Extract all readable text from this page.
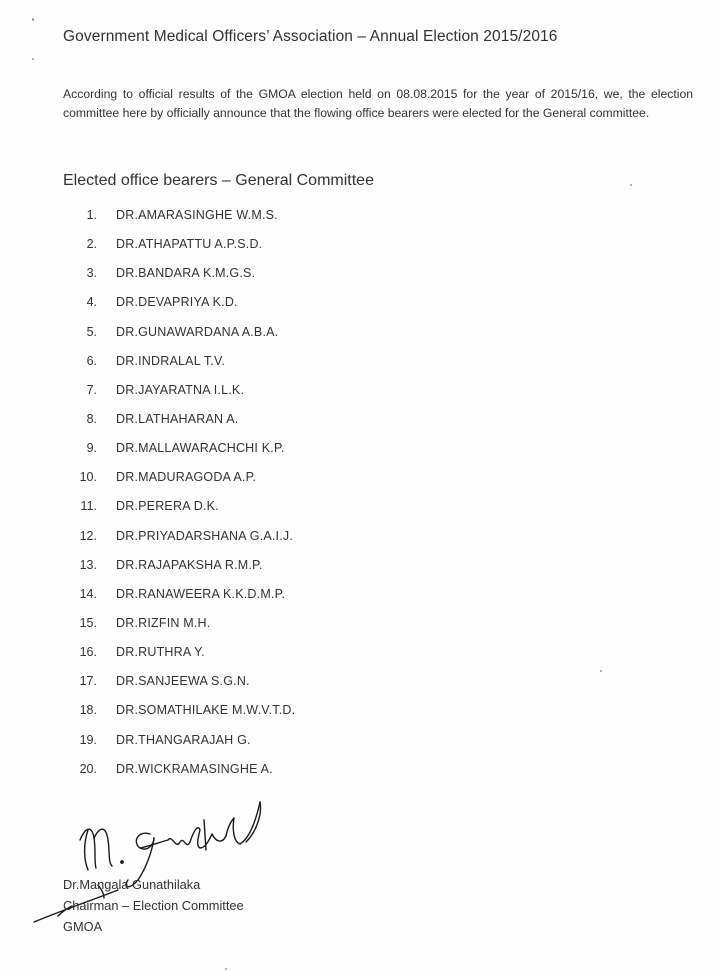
Government Medical Officers’ Association – Annual Election 2015/2016
According to official results of the GMOA election held on 08.08.2015 for the year of 2015/16, we, the election committee here by officially announce that the flowing office bearers were elected for the General committee.
Elected office bearers – General Committee
1. DR.AMARASINGHE W.M.S.
2. DR.ATHAPATTU A.P.S.D.
3. DR.BANDARA K.M.G.S.
4. DR.DEVAPRIYA K.D.
5. DR.GUNAWARDANA A.B.A.
6. DR.INDRALAL T.V.
7. DR.JAYARATNA I.L.K.
8. DR.LATHAHARAN A.
9. DR.MALLAWARACHCHI K.P.
10. DR.MADURAGODA A.P.
11. DR.PERERA D.K.
12. DR.PRIYADARSHANA G.A.I.J.
13. DR.RAJAPAKSHA R.M.P.
14. DR.RANAWEERA K.K.D.M.P.
15. DR.RIZFIN M.H.
16. DR.RUTHRA Y.
17. DR.SANJEEWA S.G.N.
18. DR.SOMATHILAKE M.W.V.T.D.
19. DR.THANGARAJAH G.
20. DR.WICKRAMASINGHE A.
Dr.Mangala Gunathilaka
Chairman – Election Committee
GMOA
